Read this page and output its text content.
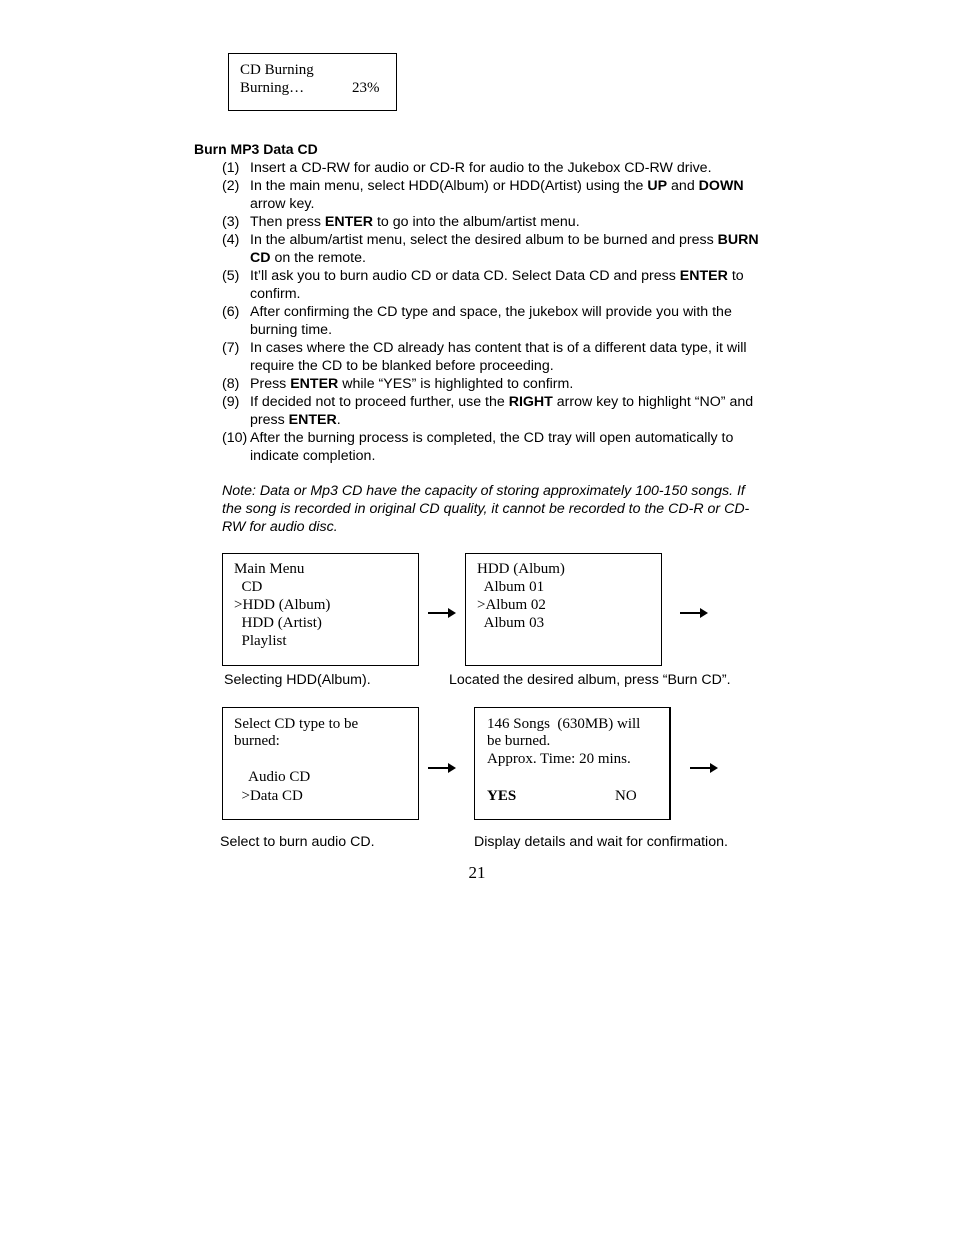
CD Burning
Burning…	23%
Burn MP3 Data CD
(1) Insert a CD-RW for audio or CD-R for audio to the Jukebox CD-RW drive.
(2) In the main menu, select HDD(Album) or HDD(Artist) using the UP and DOWN arrow key.
(3) Then press ENTER to go into the album/artist menu.
(4) In the album/artist menu, select the desired album to be burned and press BURN CD on the remote.
(5) It’ll ask you to burn audio CD or data CD. Select Data CD and press ENTER to confirm.
(6) After confirming the CD type and space, the jukebox will provide you with the burning time.
(7) In cases where the CD already has content that is of a different data type, it will require the CD to be blanked before proceeding.
(8) Press ENTER while “YES” is highlighted to confirm.
(9) If decided not to proceed further, use the RIGHT arrow key to highlight “NO” and press ENTER.
(10) After the burning process is completed, the CD tray will open automatically to indicate completion.
Note: Data or Mp3 CD have the capacity of storing approximately 100-150 songs. If the song is recorded in original CD quality, it cannot be recorded to the CD-R or CD-RW for audio disc.
Main Menu
CD
>HDD (Album)
HDD (Artist)
Playlist
HDD (Album)
Album 01
>Album 02
Album 03
Selecting HDD(Album).	Located the desired album, press “Burn CD”.
Select CD type to be
burned:
Audio CD
>Data CD
146 Songs  (630MB) will
be burned.
Approx. Time: 20 mins.
YES	NO
Select to burn audio CD.	Display details and wait for confirmation.
21
